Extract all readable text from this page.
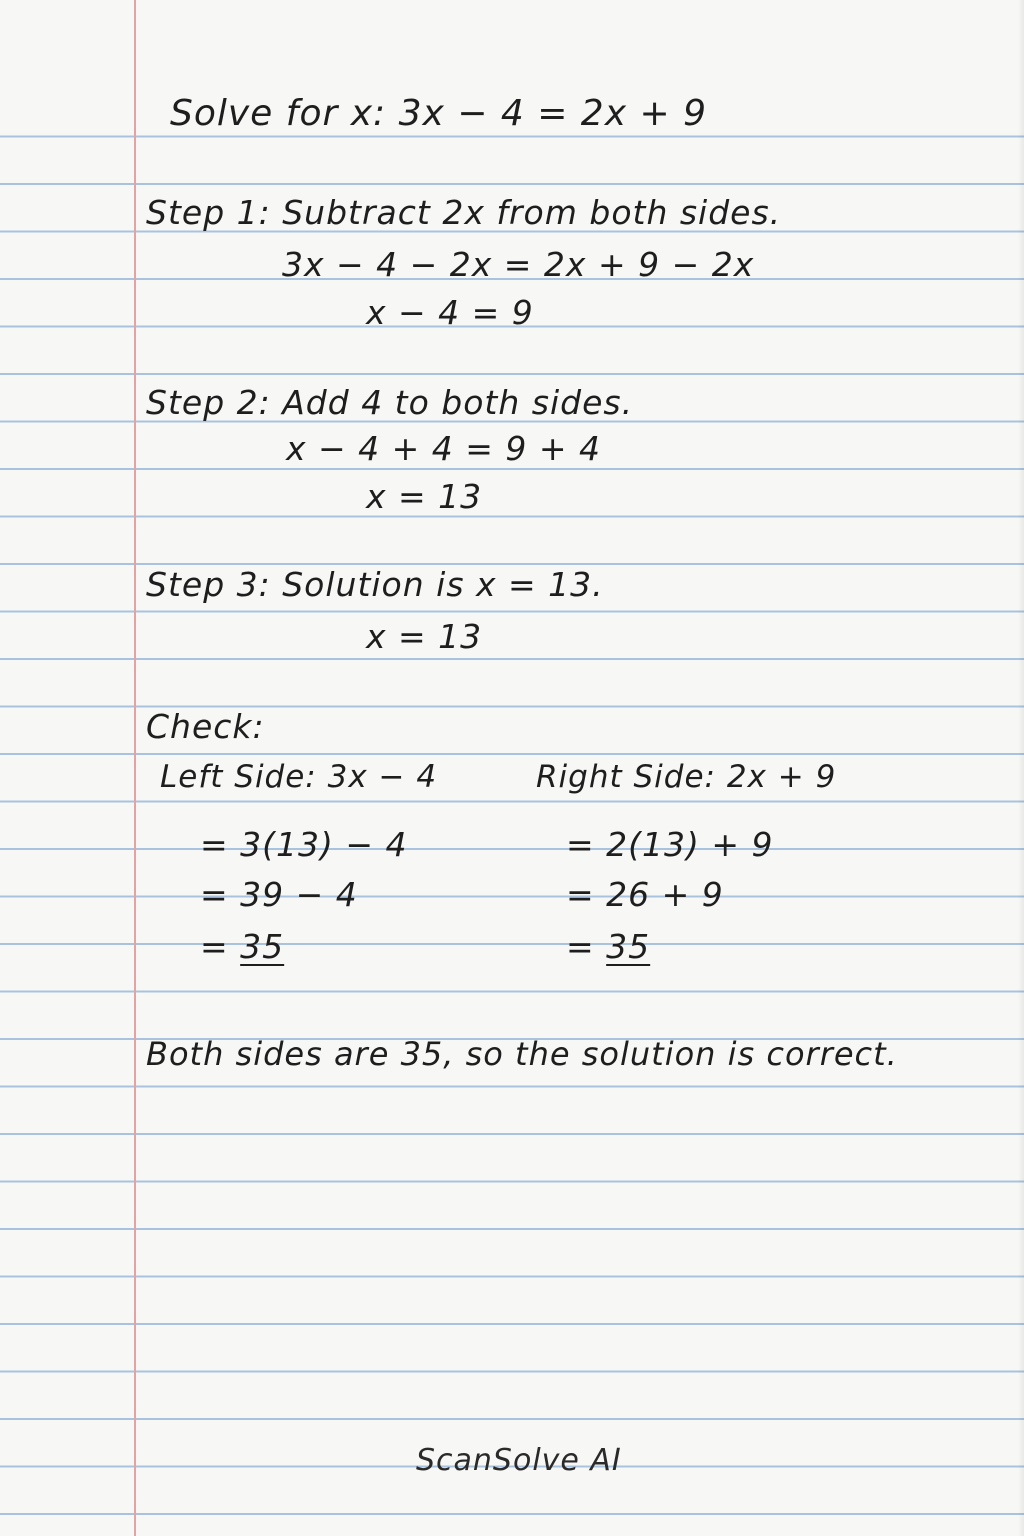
Solve for x: 3x − 4 = 2x + 9
Step 1: Subtract 2x from both sides.
3x − 4 − 2x = 2x + 9 − 2x
x − 4 = 9
Step 2: Add 4 to both sides.
x − 4 + 4 = 9 + 4
x = 13
Step 3: Solution is x = 13.
x = 13
Check:
Left Side: 3x − 4
= 3(13) − 4
= 39 − 4
= 35
Right Side: 2x + 9
= 2(13) + 9
= 26 + 9
= 35
Both sides are 35, so the solution is correct.
ScanSolve AI
